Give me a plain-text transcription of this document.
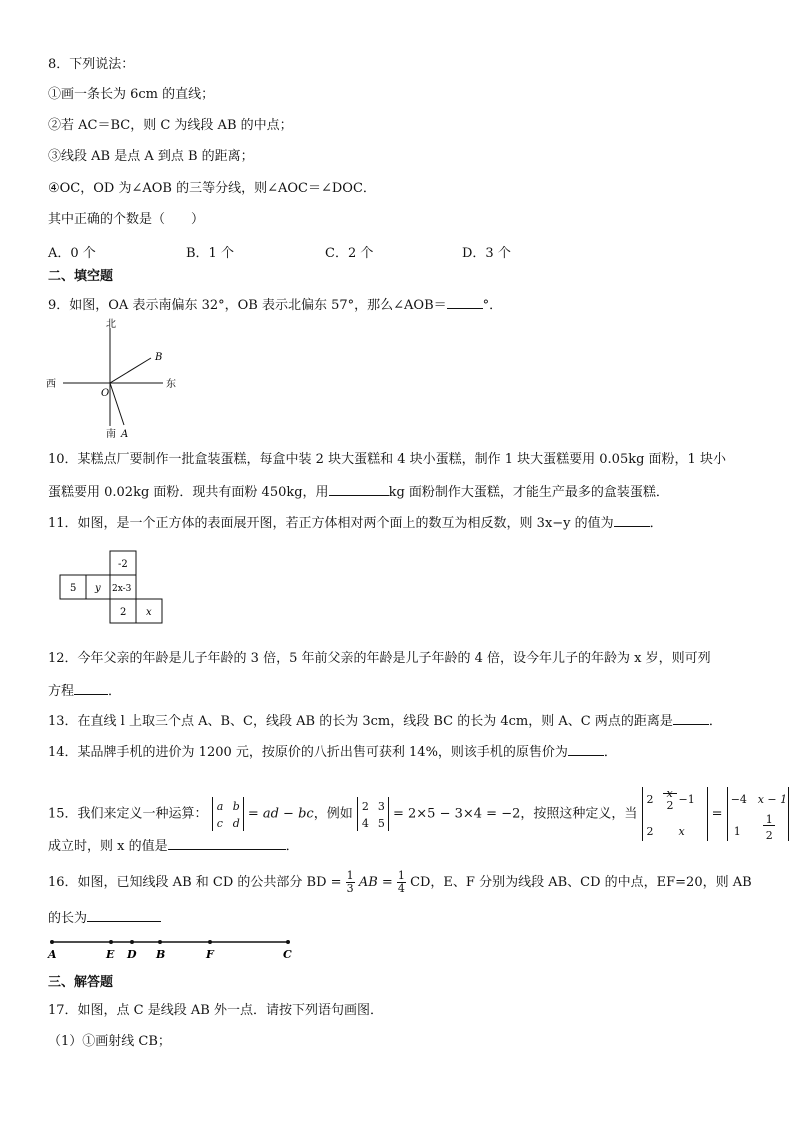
8．下列说法：
①画一条长为 6cm 的直线；
②若 AC＝BC，则 C 为线段 AB 的中点；
③线段 AB 是点 A 到点 B 的距离；
④OC，OD 为∠AOB 的三等分线，则∠AOC＝∠DOC．
其中正确的个数是（　　）
A．0 个	B．1 个	C．2 个	D．3 个
二、填空题
9．如图，OA 表示南偏东 32°，OB 表示北偏东 57°，那么∠AOB＝	°．
北
西	东
O
B
南 A
10．某糕点厂要制作一批盒装蛋糕，每盒中装 2 块大蛋糕和 4 块小蛋糕，制作 1 块大蛋糕要用 0.05kg 面粉，1 块小
蛋糕要用 0.02kg 面粉．现共有面粉 450kg，用	kg 面粉制作大蛋糕，才能生产最多的盒装蛋糕．
11．如图，是一个正方体的表面展开图，若正方体相对两个面上的数互为相反数，则 3x−y 的值为	．
-2
5 y 2x-3
2 x
12．今年父亲的年龄是儿子年龄的 3 倍，5 年前父亲的年龄是儿子年龄的 4 倍，设今年儿子的年龄为 x 岁，则可列
方程	．
13．在直线 l 上取三个点 A、B、C，线段 AB 的长为 3cm，线段 BC 的长为 4cm，则 A、C 两点的距离是	．
14．某品牌手机的进价为 1200 元，按原价的八折出售可获利 14%，则该手机的原售价为	．
15．我们来定义一种运算： a b
c d
= ad − bc，例如 2 3
4 5
= 2×5 − 3×4 = −2，按照这种定义，当
2 x
2 −1
2 x
=
−4 x − 1
1
1
2
成立时，则 x 的值是	．
16．如图，已知线段 AB 和 CD 的公共部分 BD = $\frac{1}{3}$ AB = $\frac{1}{4}$ CD，E、F 分别为线段 AB、CD 的中点，EF=20，则 AB
的长为
A	E D B	F	C
三、解答题
17．如图，点 C 是线段 AB 外一点．请按下列语句画图．
（1）①画射线 CB；
